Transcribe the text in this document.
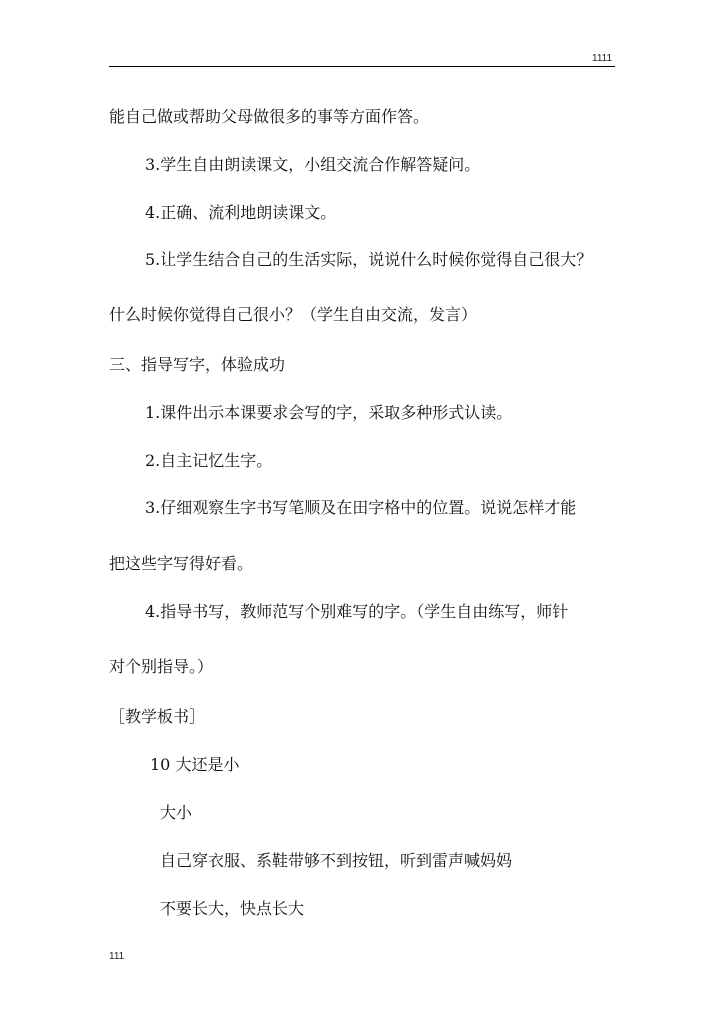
1111
能自己做或帮助父母做很多的事等方面作答。
3.学生自由朗读课文，小组交流合作解答疑问。
4.正确、流利地朗读课文。
5.让学生结合自己的生活实际，说说什么时候你觉得自己很大？
什么时候你觉得自己很小？（学生自由交流，发言）
三、指导写字，体验成功
1.课件出示本课要求会写的字，采取多种形式认读。
2.自主记忆生字。
3.仔细观察生字书写笔顺及在田字格中的位置。说说怎样才能
把这些字写得好看。
4.指导书写，教师范写个别难写的字。（学生自由练写，师针
对个别指导。）
［教学板书］
10 大还是小
大小
自己穿衣服、系鞋带够不到按钮，听到雷声喊妈妈
不要长大，快点长大
111
